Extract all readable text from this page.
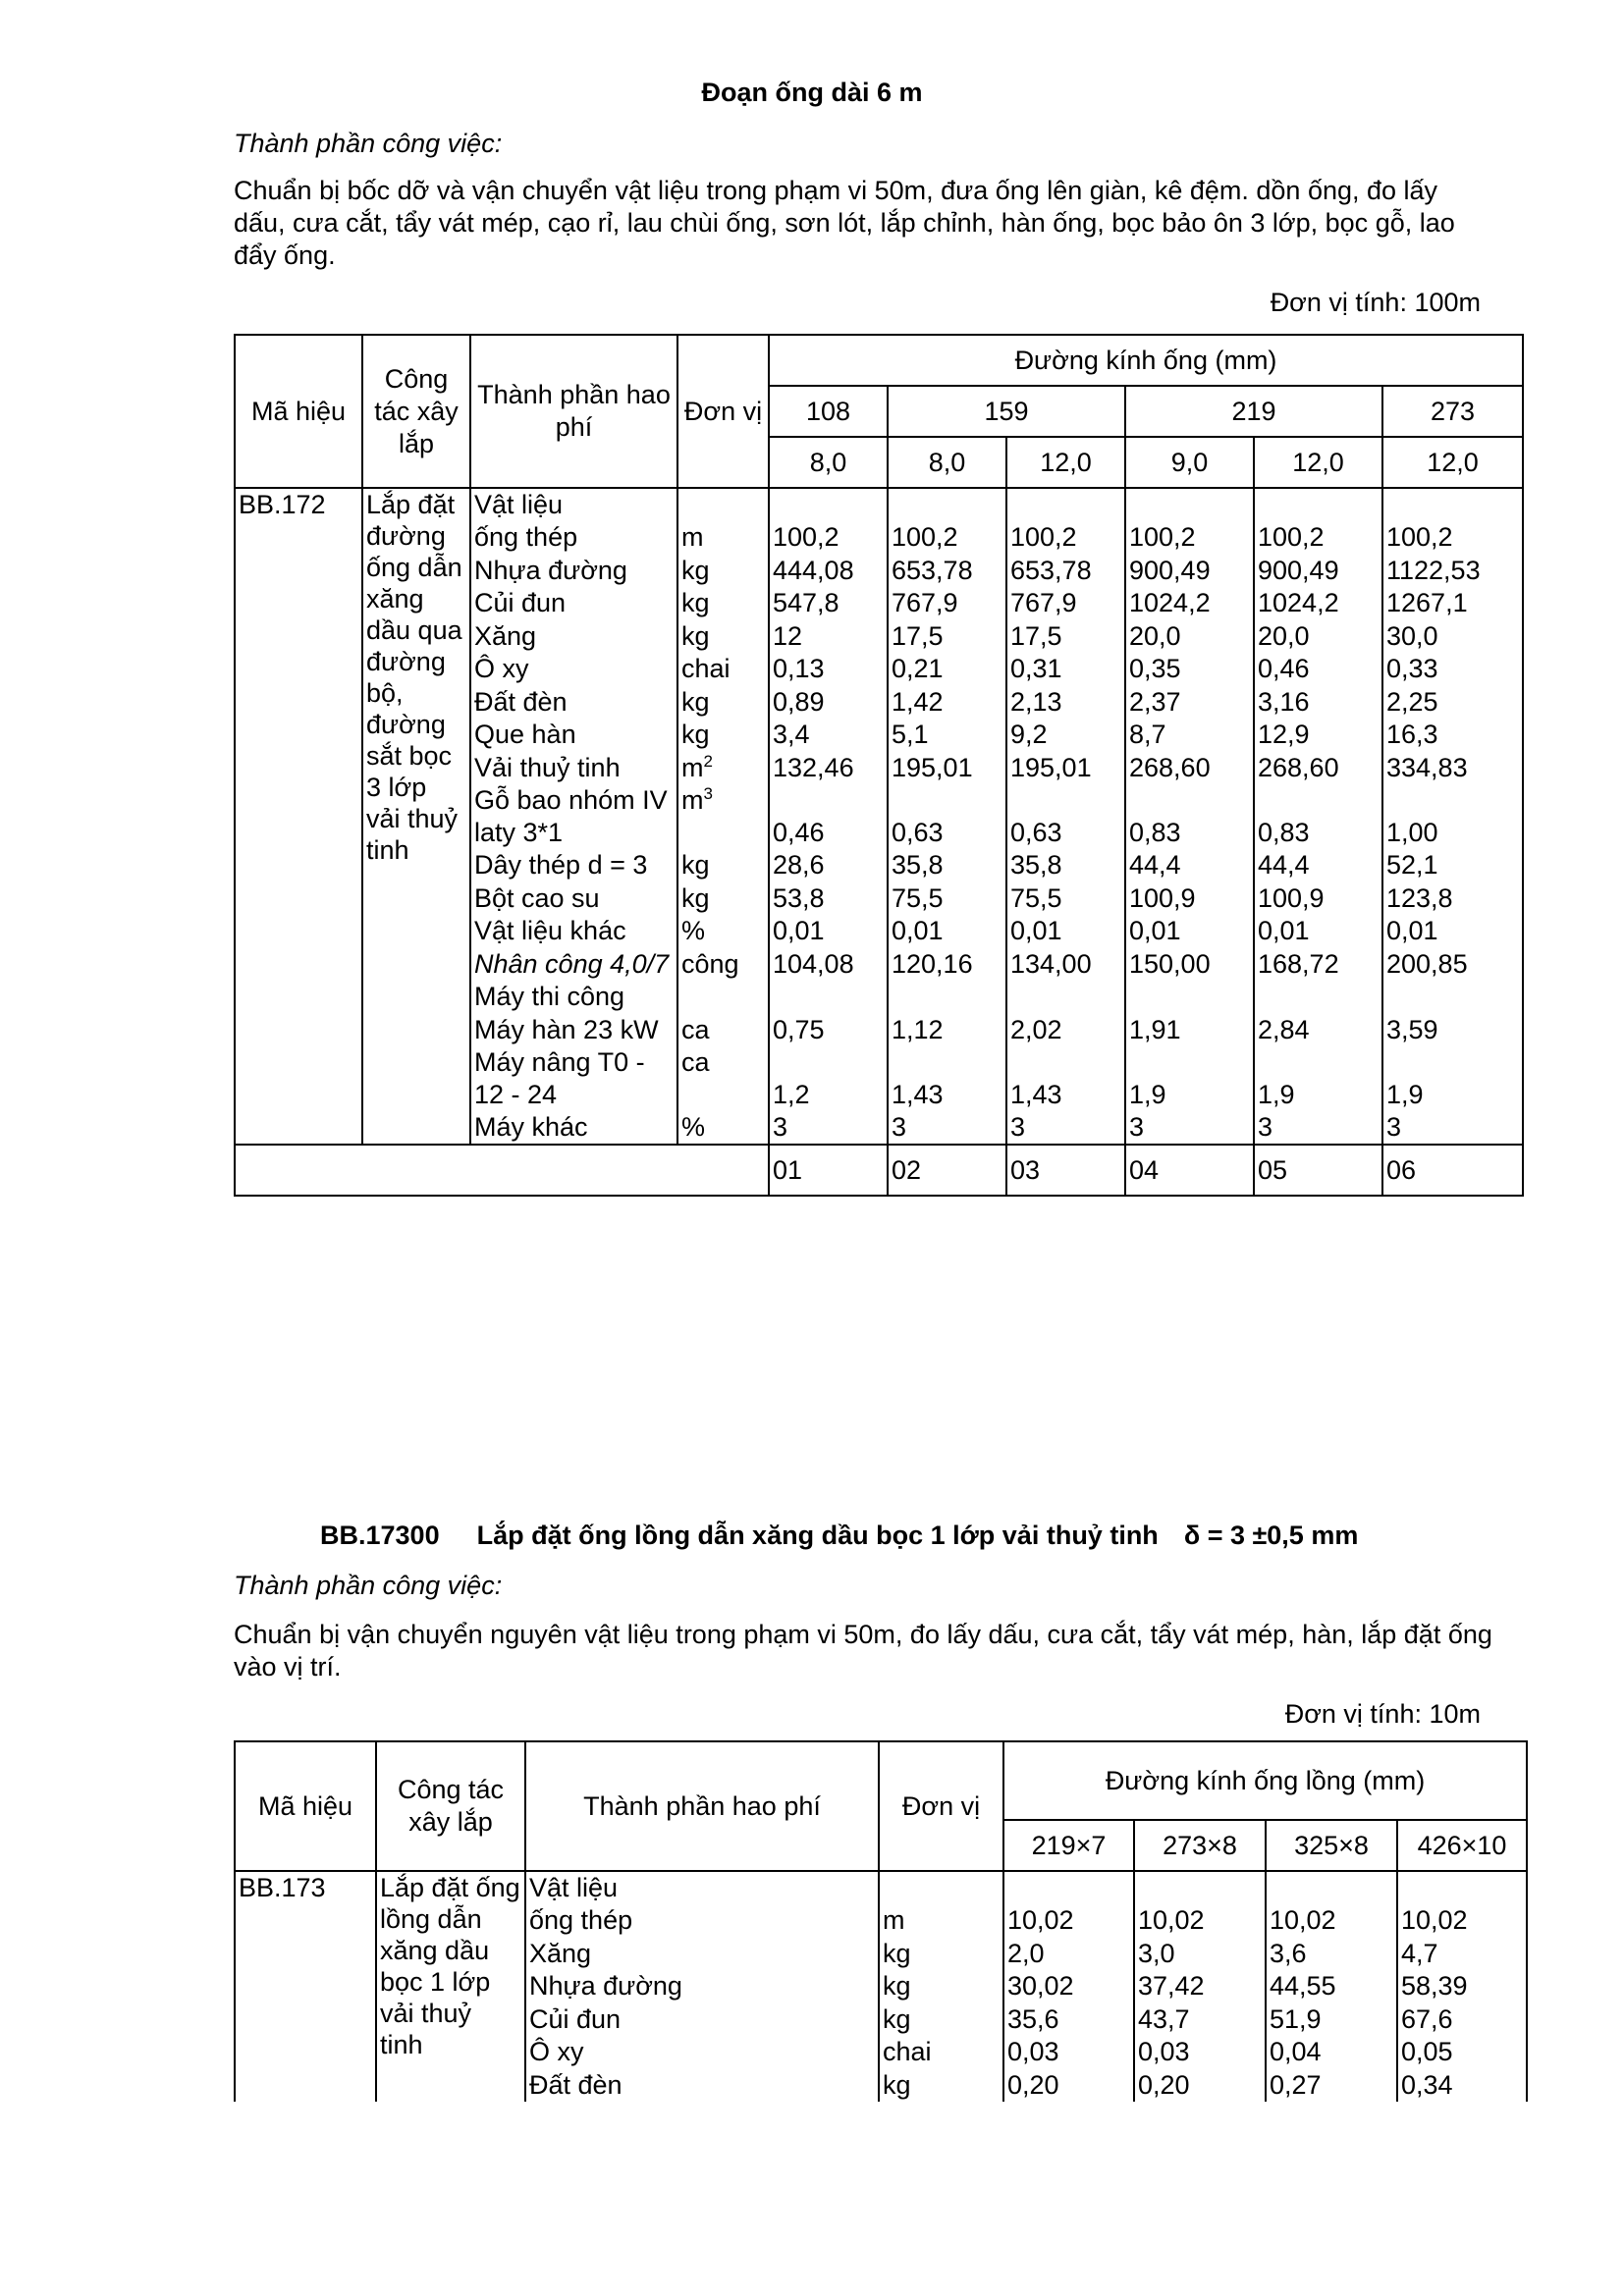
Đoạn ống dài 6 m
Thành phần công việc:
Chuẩn bị bốc dỡ và vận chuyển vật liệu trong phạm vi 50m, đưa ống lên giàn, kê đệm. dồn ống, đo lấy dấu, cưa cắt, tẩy vát mép, cạo rỉ, lau chùi ống, sơn lót, lắp chỉnh, hàn ống, bọc bảo ôn 3 lớp, bọc gỗ, lao đẩy ống.
Đơn vị tính: 100m
Mã hiệu	Công tác xây lắp	Thành phần hao phí	Đơn vị	Đường kính ống (mm)					
				108	159		219		273
				8,0	8,0	12,0	9,0	12,0	12,0
BB.172	Lắp đặt đường ống dẫn xăng dầu qua đường bộ, đường sắt bọc 3 lớp vải thuỷ tinh	Vật liệu							
		ống thép	m	100,2	100,2	100,2	100,2	100,2	100,2
		Nhựa đường	kg	444,08	653,78	653,78	900,49	900,49	1122,53
		Củi đun	kg	547,8	767,9	767,9	1024,2	1024,2	1267,1
		Xăng	kg	12	17,5	17,5	20,0	20,0	30,0
		Ô xy	chai	0,13	0,21	0,31	0,35	0,46	0,33
		Đất đèn	kg	0,89	1,42	2,13	2,37	3,16	2,25
		Que hàn	kg	3,4	5,1	9,2	8,7	12,9	16,3
		Vải thuỷ tinh	$m^2$	132,46	195,01	195,01	268,60	268,60	334,83
		Gỗ bao nhóm IV laty 3*1	$m^3$	0,46	0,63	0,63	0,83	0,83	1,00
		Dây thép d = 3	kg	28,6	35,8	35,8	44,4	44,4	52,1
		Bột cao su	kg	53,8	75,5	75,5	100,9	100,9	123,8
		Vật liệu khác	%	0,01	0,01	0,01	0,01	0,01	0,01
		Nhân công 4,0/7	công	104,08	120,16	134,00	150,00	168,72	200,85
		Máy thi công							
		Máy hàn 23 kW	ca	0,75	1,12	2,02	1,91	2,84	3,59
		Máy nâng T0 - 12 - 24	ca	1,2	1,43	1,43	1,9	1,9	1,9
		Máy khác	%	3	3	3	3	3	3
				01	02	03	04	05	06
BB.17300 Lắp đặt ống lồng dẫn xăng dầu bọc 1 lớp vải thuỷ tinh δ = 3 ±0,5 mm
Thành phần công việc:
Chuẩn bị vận chuyển nguyên vật liệu trong phạm vi 50m, đo lấy dấu, cưa cắt, tẩy vát mép, hàn, lắp đặt ống vào vị trí.
Đơn vị tính: 10m
Mã hiệu	Công tác xây lắp	Thành phần hao phí	Đơn vị	Đường kính ống lồng (mm)			
				219×7	273×8	325×8	426×10
BB.173	Lắp đặt ống lồng dẫn xăng dầu bọc 1 lớp vải thuỷ tinh	Vật liệu					
		ống thép	m	10,02	10,02	10,02	10,02
		Xăng	kg	2,0	3,0	3,6	4,7
		Nhựa đường	kg	30,02	37,42	44,55	58,39
		Củi đun	kg	35,6	43,7	51,9	67,6
		Ô xy	chai	0,03	0,03	0,04	0,05
		Đất đèn	kg	0,20	0,20	0,27	0,34
